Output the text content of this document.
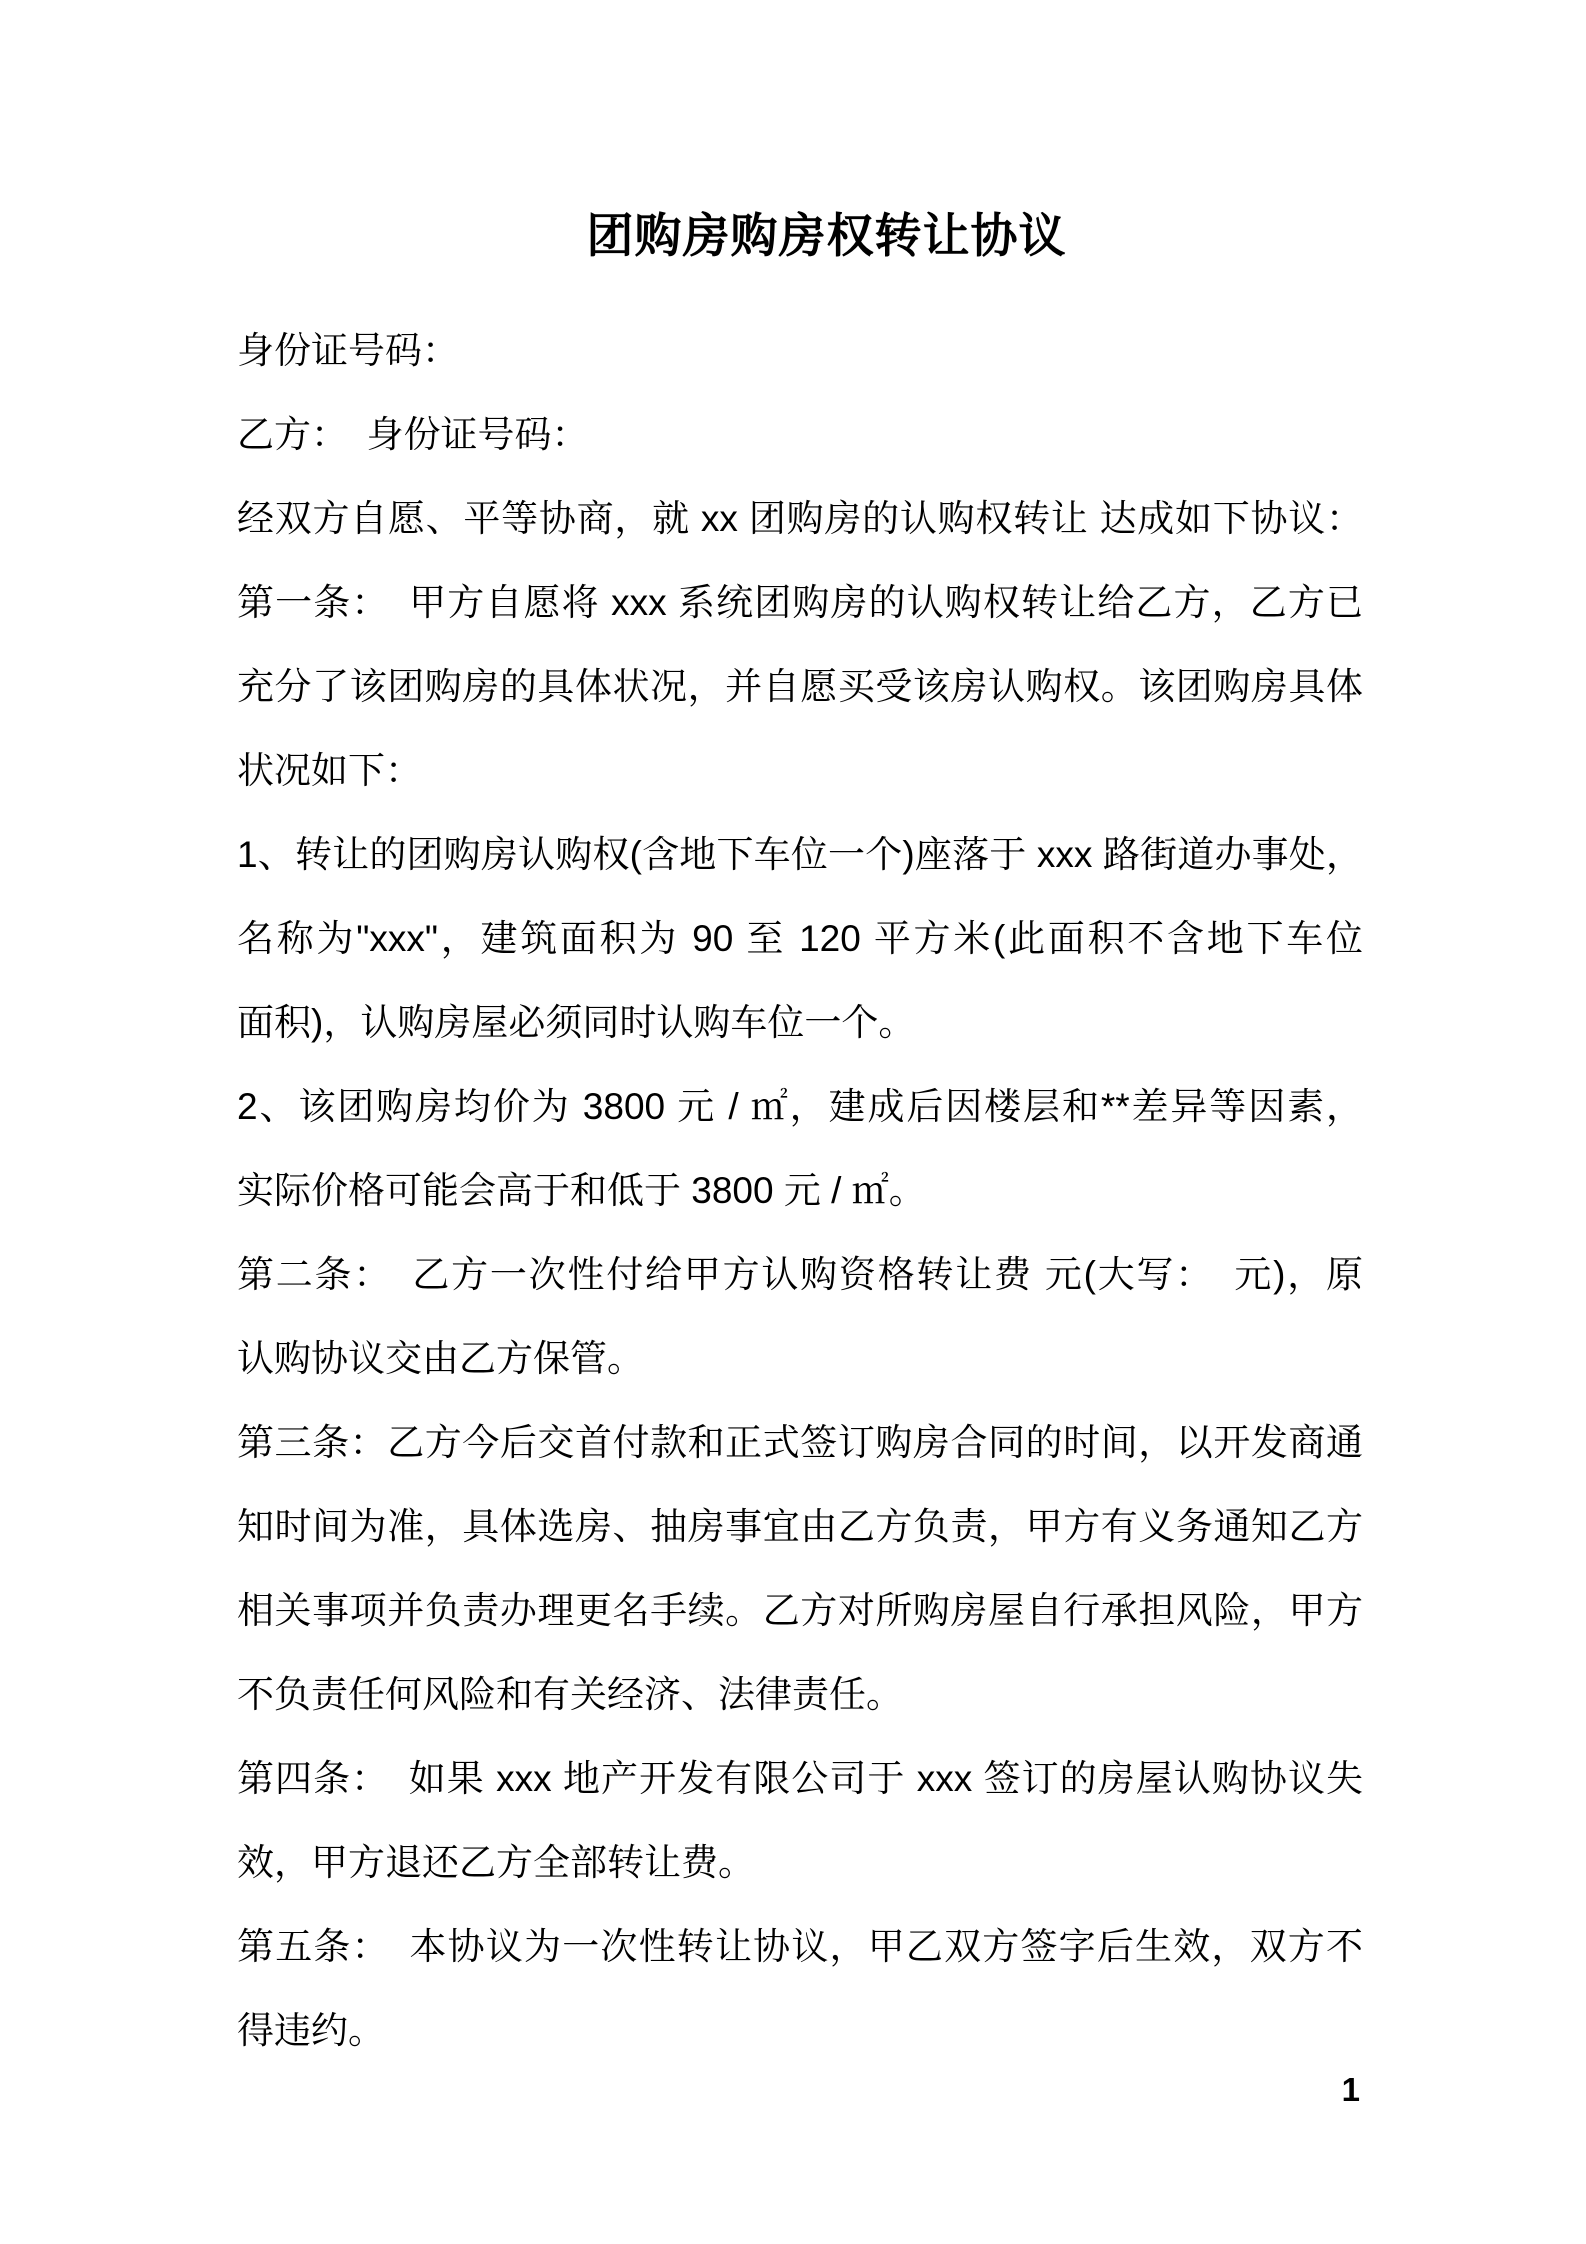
团购房购房权转让协议
身份证号码：
乙方： 身份证号码：
经双方自愿、平等协商，就 xx 团购房的认购权转让 达成如下协议：
第一条： 甲方自愿将 xxx 系统团购房的认购权转让给乙方，乙方已
充分了该团购房的具体状况，并自愿买受该房认购权。该团购房具体
状况如下：
1、转让的团购房认购权(含地下车位一个)座落于 xxx 路街道办事处，
名称为"xxx"，建筑面积为 90 至 120 平方米(此面积不含地下车位
面积)，认购房屋必须同时认购车位一个。
2、该团购房均价为 3800 元 / ㎡，建成后因楼层和**差异等因素，
实际价格可能会高于和低于 3800 元 / ㎡。
第二条： 乙方一次性付给甲方认购资格转让费 元(大写：　元)，原
认购协议交由乙方保管。
第三条：乙方今后交首付款和正式签订购房合同的时间，以开发商通
知时间为准，具体选房、抽房事宜由乙方负责，甲方有义务通知乙方
相关事项并负责办理更名手续。乙方对所购房屋自行承担风险，甲方
不负责任何风险和有关经济、法律责任。
第四条： 如果 xxx 地产开发有限公司于 xxx 签订的房屋认购协议失
效，甲方退还乙方全部转让费。
第五条： 本协议为一次性转让协议，甲乙双方签字后生效，双方不
得违约。
1
